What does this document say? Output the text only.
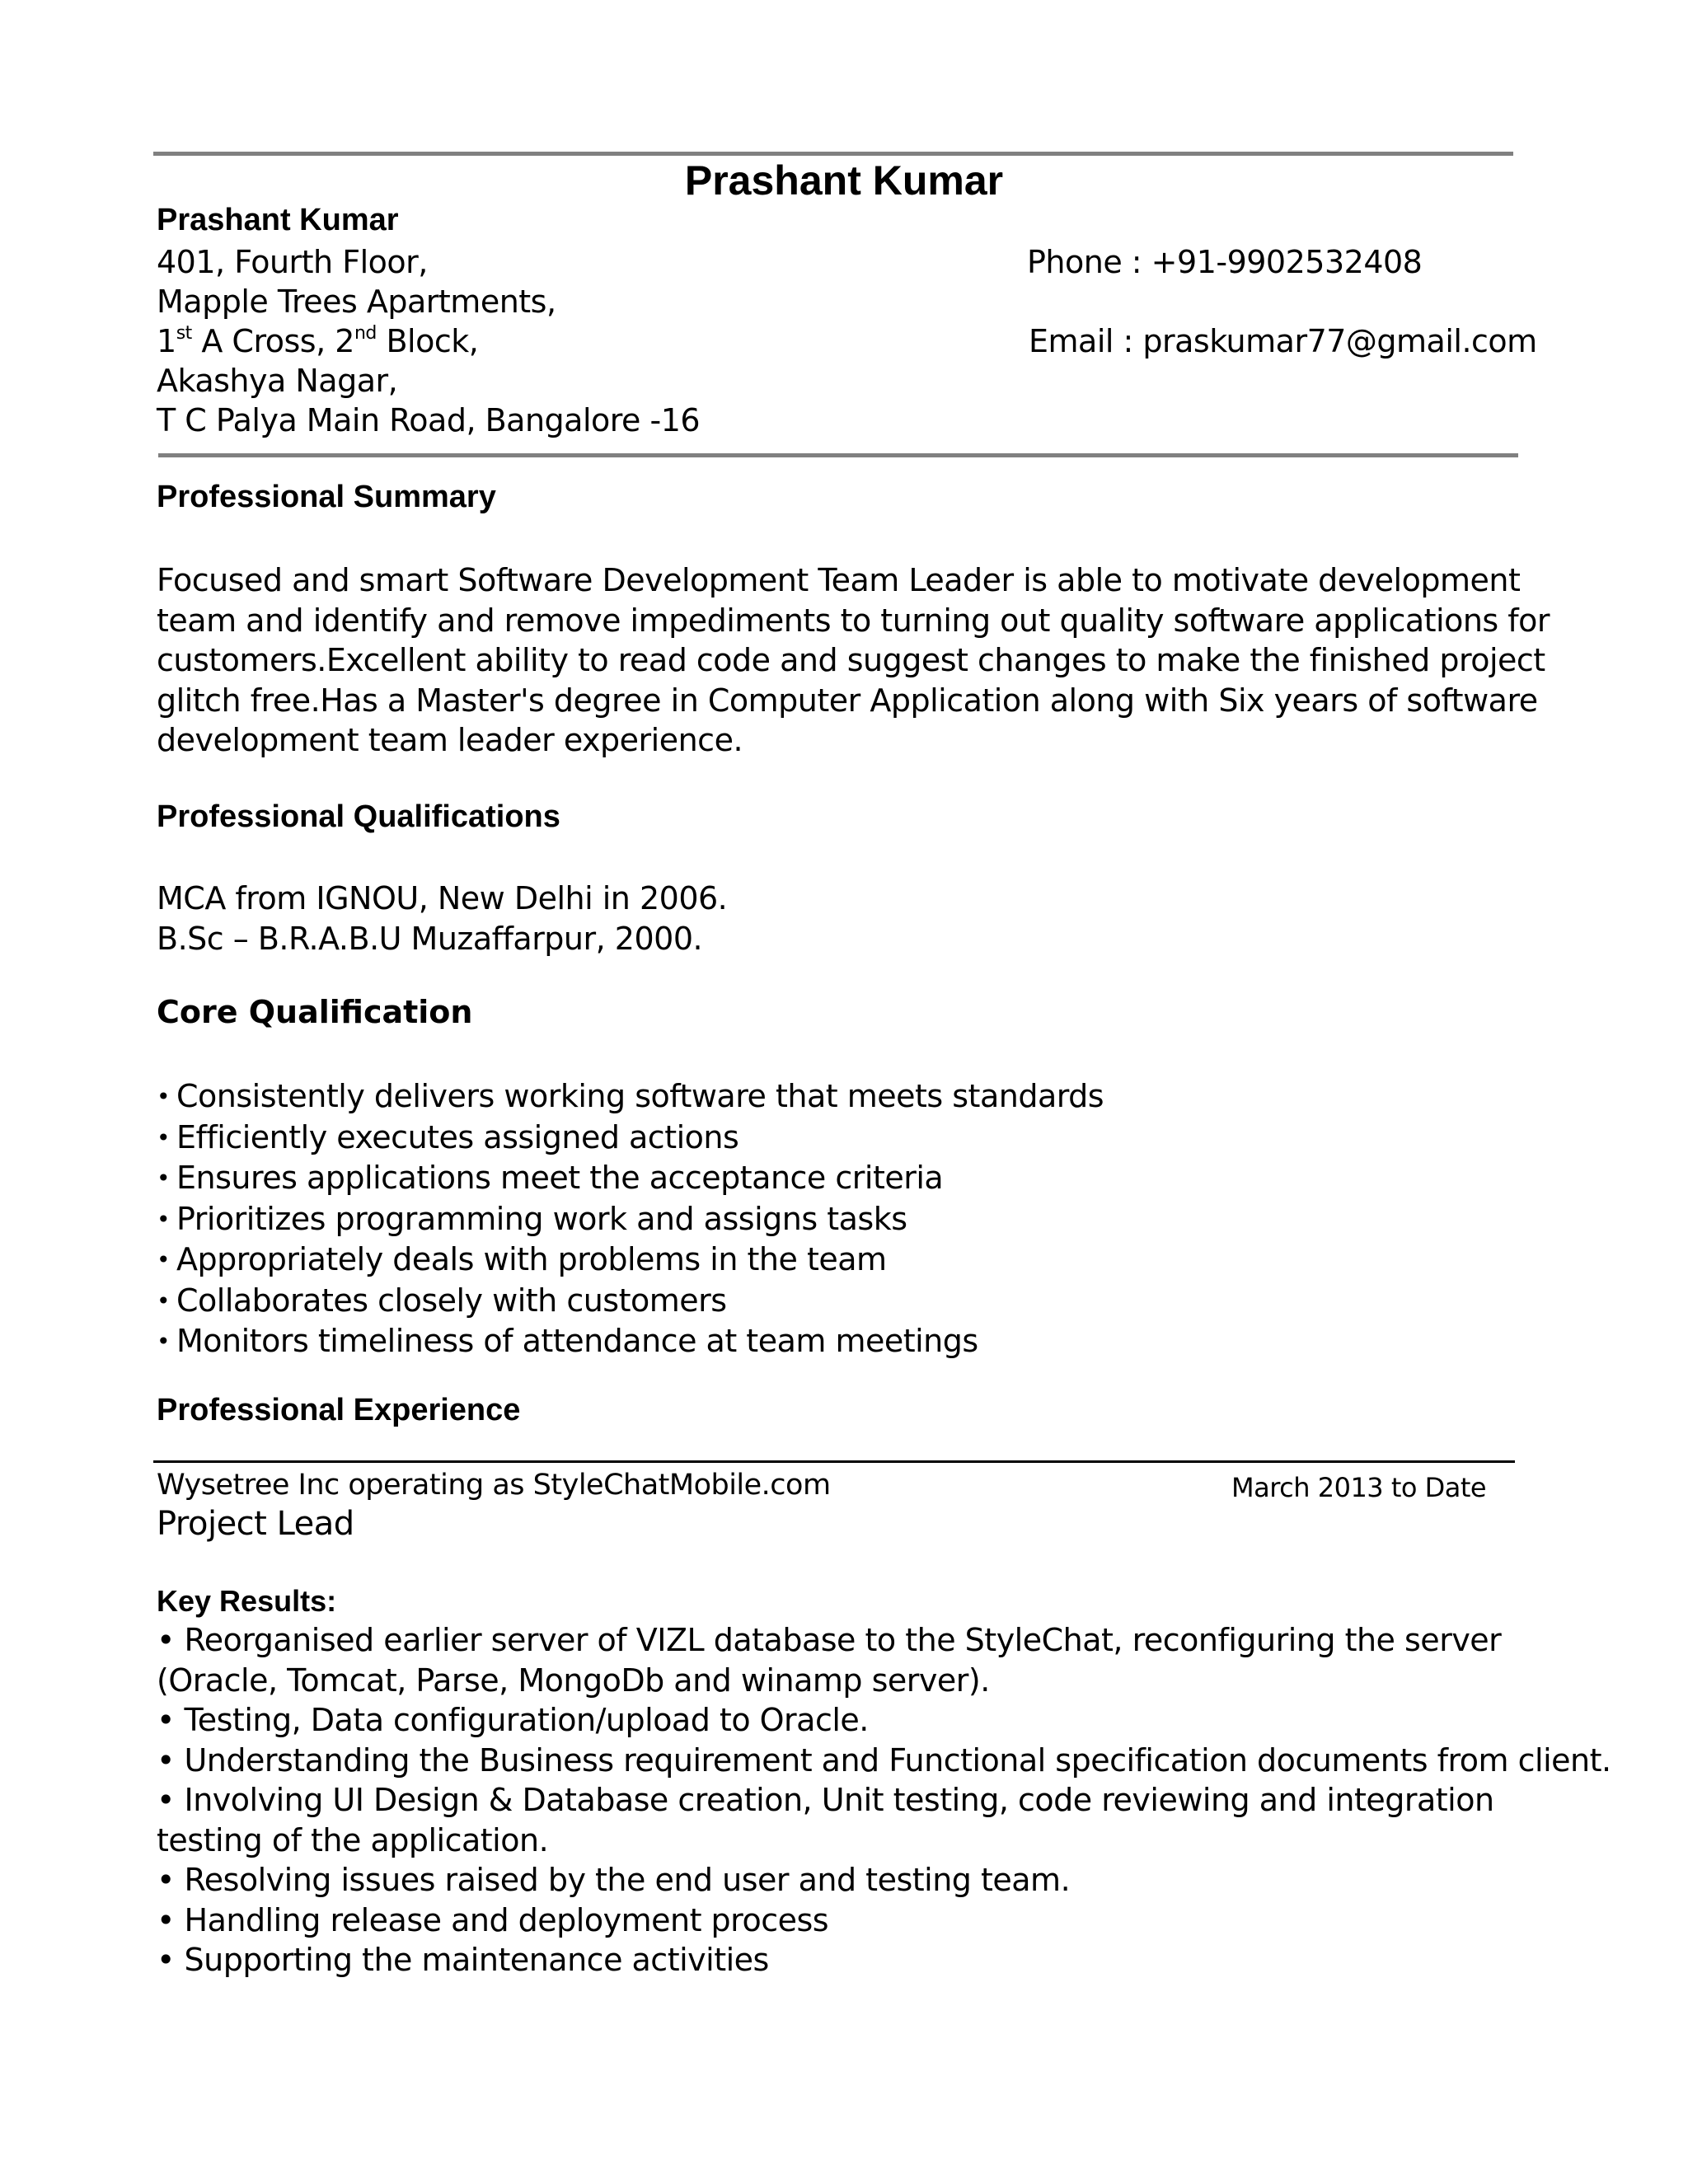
Prashant Kumar
Prashant Kumar
401, Fourth Floor,
Mapple Trees Apartments,
1st A Cross, 2nd Block,
Akashya Nagar,
T C Palya Main Road, Bangalore -16
Phone : +91-9902532408
Email : praskumar77@gmail.com
Professional Summary
Focused and smart Software Development Team Leader is able to motivate development
team and identify and remove impediments to turning out quality software applications for
customers.Excellent ability to read code and suggest changes to make the finished project
glitch free.Has a Master's degree in Computer Application along with Six years of software
development team leader experience.
Professional Qualifications
MCA from IGNOU, New Delhi in 2006.
B.Sc – B.R.A.B.U Muzaffarpur, 2000.
Core Qualification
• Consistently delivers working software that meets standards
• Efficiently executes assigned actions
• Ensures applications meet the acceptance criteria
• Prioritizes programming work and assigns tasks
• Appropriately deals with problems in the team
• Collaborates closely with customers
• Monitors timeliness of attendance at team meetings
Professional Experience
Wysetree Inc operating as StyleChatMobile.com	March 2013 to Date
Project Lead
Key Results:
• Reorganised earlier server of VIZL database to the StyleChat, reconfiguring the server
(Oracle, Tomcat, Parse, MongoDb and winamp server).
• Testing, Data configuration/upload to Oracle.
• Understanding the Business requirement and Functional specification documents from client.
• Involving UI Design & Database creation, Unit testing, code reviewing and integration
testing of the application.
• Resolving issues raised by the end user and testing team.
• Handling release and deployment process
• Supporting the maintenance activities
